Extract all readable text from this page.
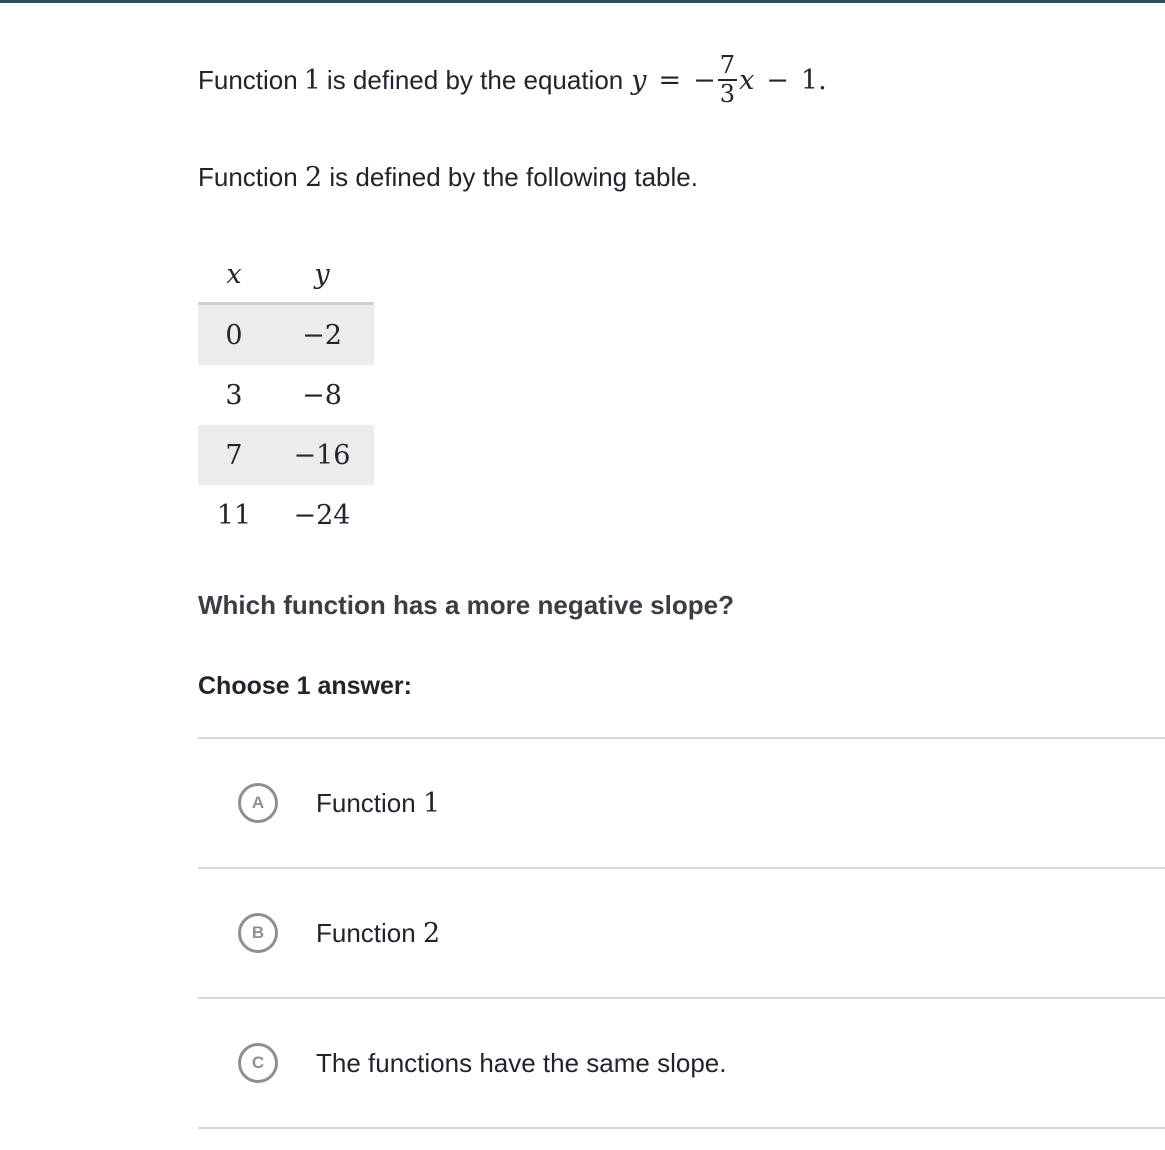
Function 1 is defined by the equation y = − $\frac{7}{3}$ x − 1 .
Function 2 is defined by the following table.
x	y
0	−2
3	−8
7	−16
11	−24
Which function has a more negative slope?
Choose 1 answer:
A	Function 1
B	Function 2
C	The functions have the same slope.
